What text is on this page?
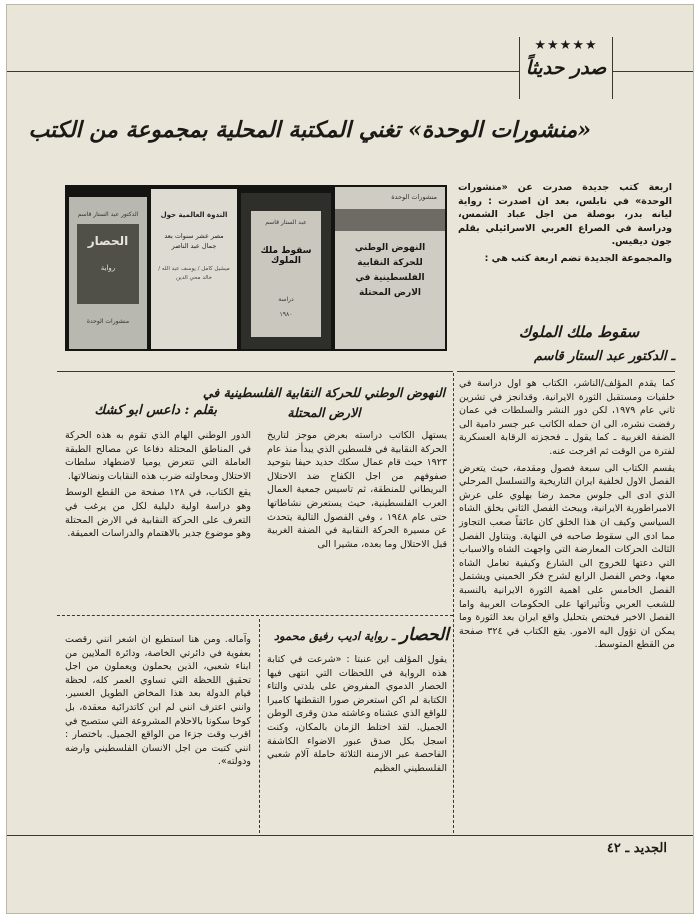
★★★★★
صدر حديثاً
«منشورات الوحدة» تغني المكتبة المحلية بمجموعة من الكتب

اربعة كتب جديدة صدرت عن «منشورات الوحدة» في نابلس، بعد ان اصدرت : رواية ليانه بدر، بوصلة من اجل عباد الشمس، ودراسة في الصراع العربي الاسرائيلي بقلم جون ديفيس.

والمجموعة الجديدة تضم اربعة كتب هي :

الدكتور عبد الستار قاسم
الحصار
رواية
منشورات الوحدة
الندوة العالمية حول
مصر عشر سنوات بعد جمال عبد الناصر
ميشيل كامل / يوسف عبد الله / خالد محي الدين
عبد الستار قاسم
سقوط ملك الملوك
دراسة
١٩٨٠
منشورات الوحدة
النهوض الوطني للحركة النقابية الفلسطينية في الارض المحتلة
سقوط ملك الملوك
ـ الدكتور عبد الستار قاسم

كما يقدم المؤلف/الناشر، الكتاب هو اول دراسة في خلفيات ومستقبل الثورة الايرانية. وقدانجز في تشرين ثاني عام ١٩٧٩، لكن دور النشر والسلطات في عمان رفضت نشره، الى ان حمله الكاتب عبر جسر دامية الى الضفة الغربية ـ كما يقول ـ فحجزته الرقابة العسكرية لفترة من الوقت ثم افرجت عنه.

يقسم الكتاب الى سبعة فصول ومقدمة، حيث يتعرض الفصل الاول لخلفية ايران التاريخية والتسلسل المرحلي الذي ادى الى جلوس محمد رضا بهلوي على عرش الامبراطورية الايرانية، ويبحث الفصل الثاني بخلق الشاه السياسي وكيف ان هذا الخلق كان عائقاً صعب التجاوز مما ادى الى سقوط صاحبه في النهاية. ويتناول الفصل الثالث الحركات المعارضة التي واجهت الشاه والاسباب التي دعتها للخروج الى الشارع وكيفية تعامل الشاه معها، وخص الفصل الرابع لشرح فكر الخميني ويشتمل الفصل الخامس على اهمية الثورة الايرانية بالنسبة للشعب العربي وتأثيراتها على الحكومات العربية واما الفصل الاخير فيختص بتحليل واقع ايران بعد الثورة وما يمكن ان تؤول اليه الامور. يقع الكتاب في ٣٢٤ صفحة من القطع المتوسط.

النهوض الوطني للحركة النقابية الفلسطينية في الارض المحتلة
بقلم : داعس ابو كشك

يستهل الكاتب دراسته بعرض موجز لتاريخ الحركة النقابية في فلسطين الذي يبدأ منذ عام ١٩٢٣ حيث قام عمال سكك حديد حيفا بتوحيد صفوفهم من اجل الكفاح ضد الاحتلال البريطاني للمنطقة، ثم تاسيس جمعية العمال العرب الفلسطينية، حيث يستعرض نشاطاتها حتى عام ١٩٤٨ ، وفي الفصول التالية يتحدث عن مسيرة الحركة النقابية في الضفة الغربية قبل الاحتلال وما بعده، مشيرا الى

الدور الوطني الهام الذي تقوم به هذه الحركة في المناطق المحتلة دفاعا عن مصالح الطبقة العاملة التي تتعرض يوميا لاضطهاد سلطات الاحتلال ومحاولته ضرب هذه النقابات ونضالاتها.

يقع الكتاب، في ١٢٨ صفحة من القطع الوسط وهو دراسة اولية دليلية لكل من يرغب في التعرف على الحركة النقابية في الارض المحتلة وهو موضوع جدير بالاهتمام والدراسات العميقة.

الحصار ـ رواية اديب رفيق محمود

يقول المؤلف اين عنبتا : «شرعت في كتابة هذه الرواية في اللحظات التي انتهى فيها الحصار الدموي المفروض على بلدتي والتاء الكتابة لم اكن استعرض صورا التقطتها كاميرا للواقع الذي عشناه وعاشته مدن وقرى الوطن الجميل. لقد اختلط الزمان بالمكان، وكنت اسجل بكل صدق عبور الاضواء الكاشفة الفاحصة عبر الازمنة الثلاثة حاملة آلام شعبي الفلسطيني العظيم

وآماله. ومن هنا استطيع ان اشعر انني رقصت بعفوية في دائرتي الخاصة، ودائرة الملايين من ابناء شعبي، الذين يحملون ويعملون من اجل تحقيق اللحظة التي تساوي العمر كله، لحظة قيام الدولة بعد هذا المخاض الطويل العسير. وانني اعترف انني لم ابن كاتدرائية معقدة، بل كوخا سكونا بالاحلام المشروعة التي ستصبح في اقرب وقت جزءا من الواقع الجميل. باختصار : انني كتبت من اجل الانسان الفلسطيني وارضه ودولته».

الجديد ـ ٤٢
